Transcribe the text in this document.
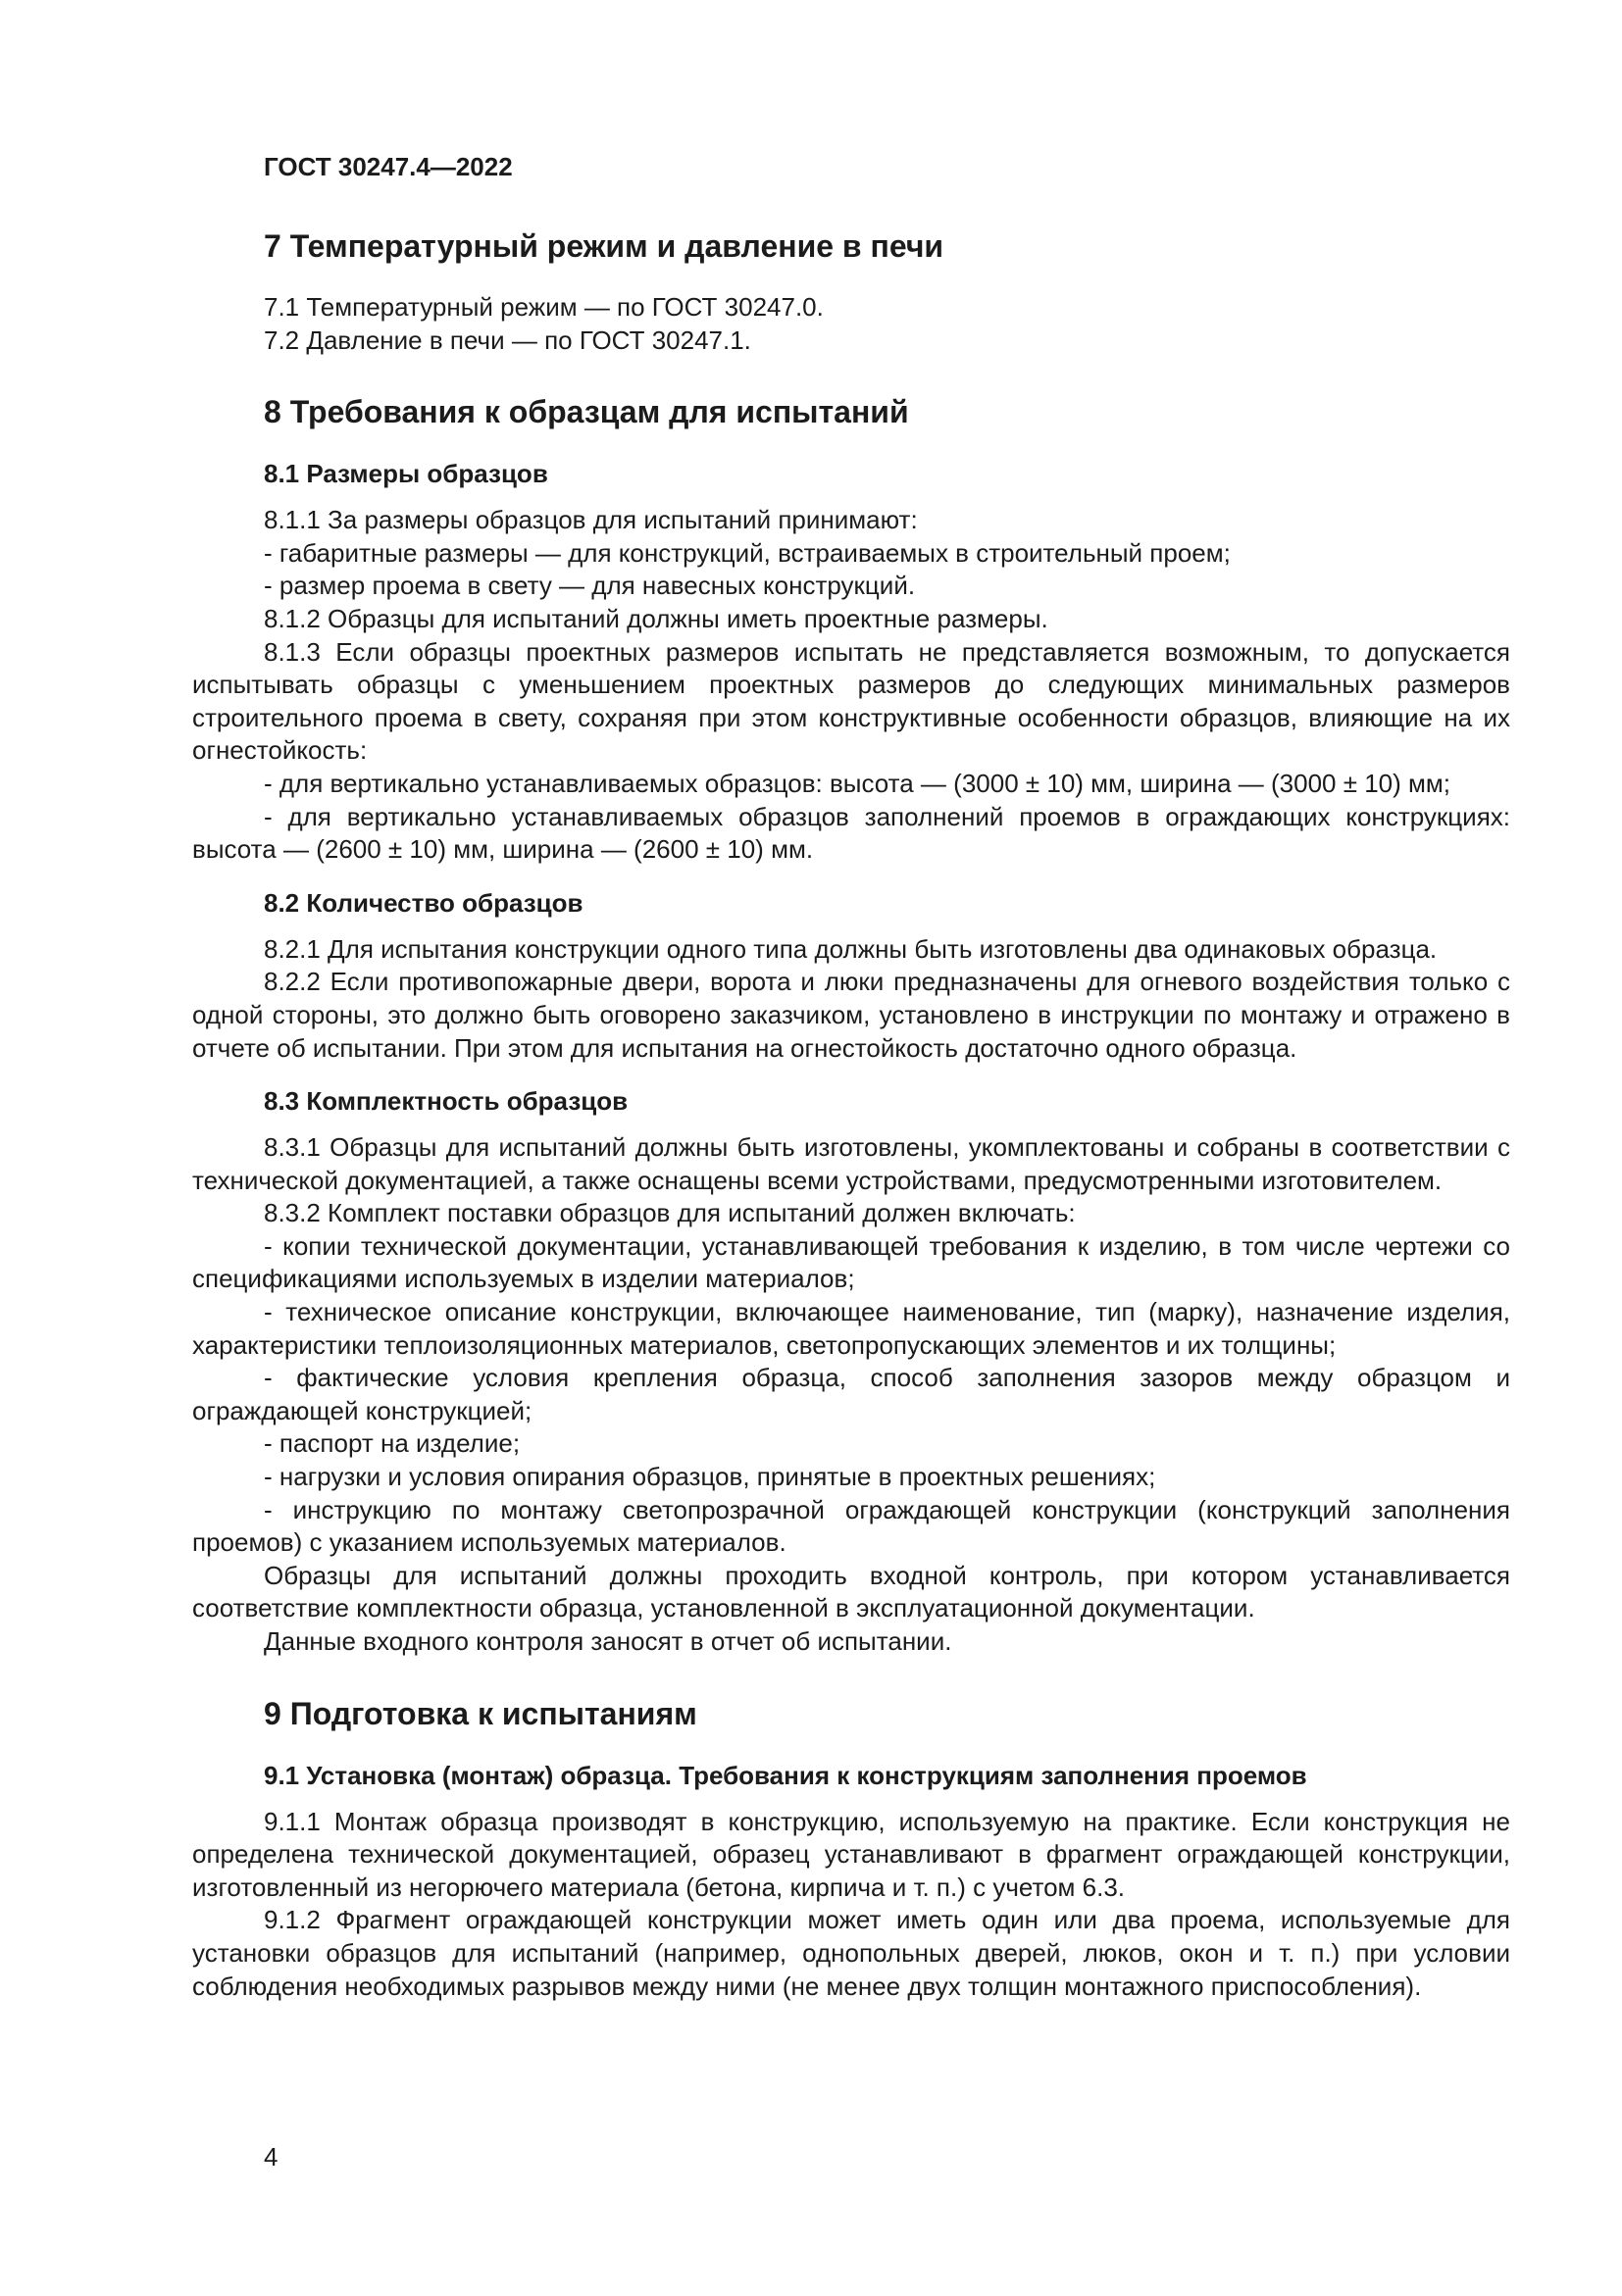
ГОСТ 30247.4—2022

7 Температурный режим и давление в печи

7.1 Температурный режим — по ГОСТ 30247.0.

7.2 Давление в печи — по ГОСТ 30247.1.

8 Требования к образцам для испытаний
8.1 Размеры образцов

8.1.1 За размеры образцов для испытаний принимают:

- габаритные размеры — для конструкций, встраиваемых в строительный проем;

- размер проема в свету — для навесных конструкций.

8.1.2 Образцы для испытаний должны иметь проектные размеры.

8.1.3 Если образцы проектных размеров испытать не представляется возможным, то допускается испытывать образцы с уменьшением проектных размеров до следующих минимальных размеров строительного проема в свету, сохраняя при этом конструктивные особенности образцов, влияющие на их огнестойкость:

- для вертикально устанавливаемых образцов: высота — (3000 ± 10) мм, ширина — (3000 ± 10) мм;

- для вертикально устанавливаемых образцов заполнений проемов в ограждающих конструкциях: высота — (2600 ± 10) мм, ширина — (2600 ± 10) мм.

8.2 Количество образцов

8.2.1 Для испытания конструкции одного типа должны быть изготовлены два одинаковых образца.

8.2.2 Если противопожарные двери, ворота и люки предназначены для огневого воздействия только с одной стороны, это должно быть оговорено заказчиком, установлено в инструкции по монтажу и отражено в отчете об испытании. При этом для испытания на огнестойкость достаточно одного образца.

8.3 Комплектность образцов

8.3.1 Образцы для испытаний должны быть изготовлены, укомплектованы и собраны в соответствии с технической документацией, а также оснащены всеми устройствами, предусмотренными изготовителем.

8.3.2 Комплект поставки образцов для испытаний должен включать:

- копии технической документации, устанавливающей требования к изделию, в том числе чертежи со спецификациями используемых в изделии материалов;

- техническое описание конструкции, включающее наименование, тип (марку), назначение изделия, характеристики теплоизоляционных материалов, светопропускающих элементов и их толщины;

- фактические условия крепления образца, способ заполнения зазоров между образцом и ограждающей конструкцией;

- паспорт на изделие;

- нагрузки и условия опирания образцов, принятые в проектных решениях;

- инструкцию по монтажу светопрозрачной ограждающей конструкции (конструкций заполнения проемов) с указанием используемых материалов.

Образцы для испытаний должны проходить входной контроль, при котором устанавливается соответствие комплектности образца, установленной в эксплуатационной документации.

Данные входного контроля заносят в отчет об испытании.

9 Подготовка к испытаниям
9.1 Установка (монтаж) образца. Требования к конструкциям заполнения проемов

9.1.1 Монтаж образца производят в конструкцию, используемую на практике. Если конструкция не определена технической документацией, образец устанавливают в фрагмент ограждающей конструкции, изготовленный из негорючего материала (бетона, кирпича и т. п.) с учетом 6.3.

9.1.2 Фрагмент ограждающей конструкции может иметь один или два проема, используемые для установки образцов для испытаний (например, однопольных дверей, люков, окон и т. п.) при условии соблюдения необходимых разрывов между ними (не менее двух толщин монтажного приспособления).

4
